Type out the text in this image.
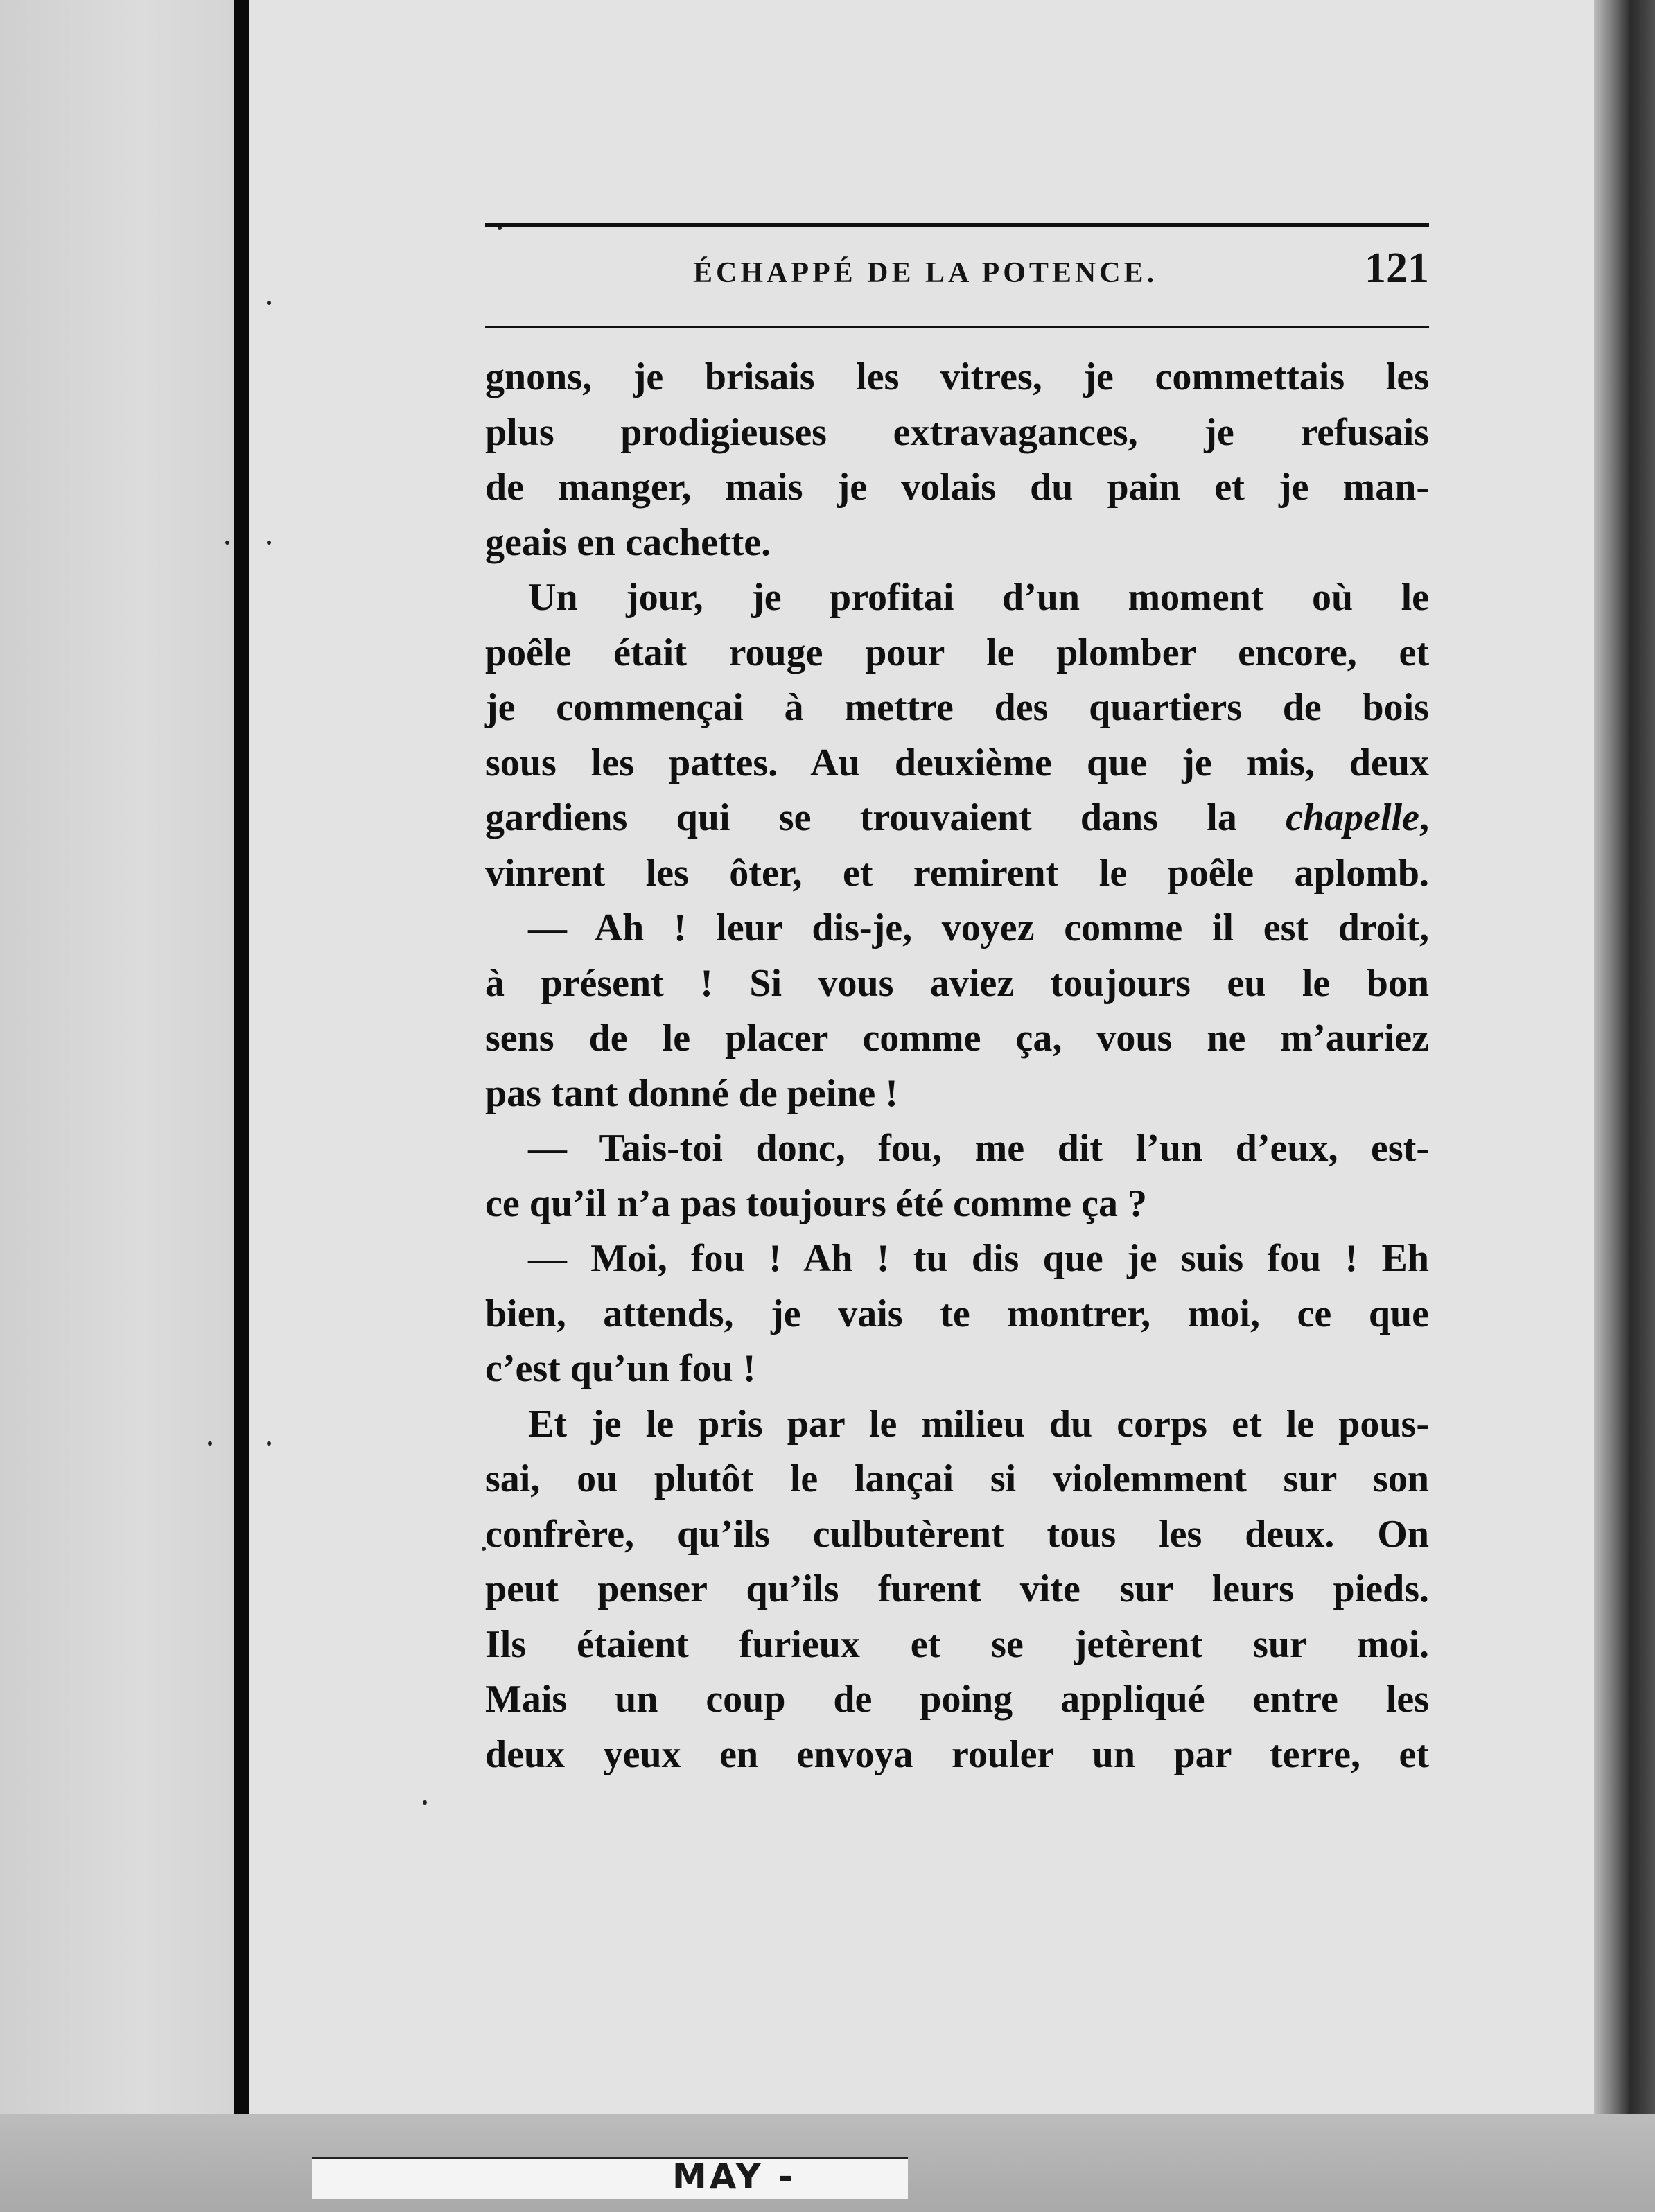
MAY -
ÉCHAPPÉ DE LA POTENCE.	121
gnons, je brisais les vitres, je commettais les
plus prodigieuses extravagances, je refusais
de manger, mais je volais du pain et je man-
geais en cachette.
Un jour, je profitai d’un moment où le
poêle était rouge pour le plomber encore, et
je commençai à mettre des quartiers de bois
sous les pattes. Au deuxième que je mis, deux
gardiens qui se trouvaient dans la chapelle,
vinrent les ôter, et remirent le poêle aplomb.
— Ah ! leur dis-je, voyez comme il est droit,
à présent ! Si vous aviez toujours eu le bon
sens de le placer comme ça, vous ne m’auriez
pas tant donné de peine !
— Tais-toi donc, fou, me dit l’un d’eux, est-
ce qu’il n’a pas toujours été comme ça ?
— Moi, fou ! Ah ! tu dis que je suis fou ! Eh
bien, attends, je vais te montrer, moi, ce que
c’est qu’un fou !
Et je le pris par le milieu du corps et le pous-
sai, ou plutôt le lançai si violemment sur son
confrère, qu’ils culbutèrent tous les deux. On
peut penser qu’ils furent vite sur leurs pieds.
Ils étaient furieux et se jetèrent sur moi.
Mais un coup de poing appliqué entre les
deux yeux en envoya rouler un par terre, et
